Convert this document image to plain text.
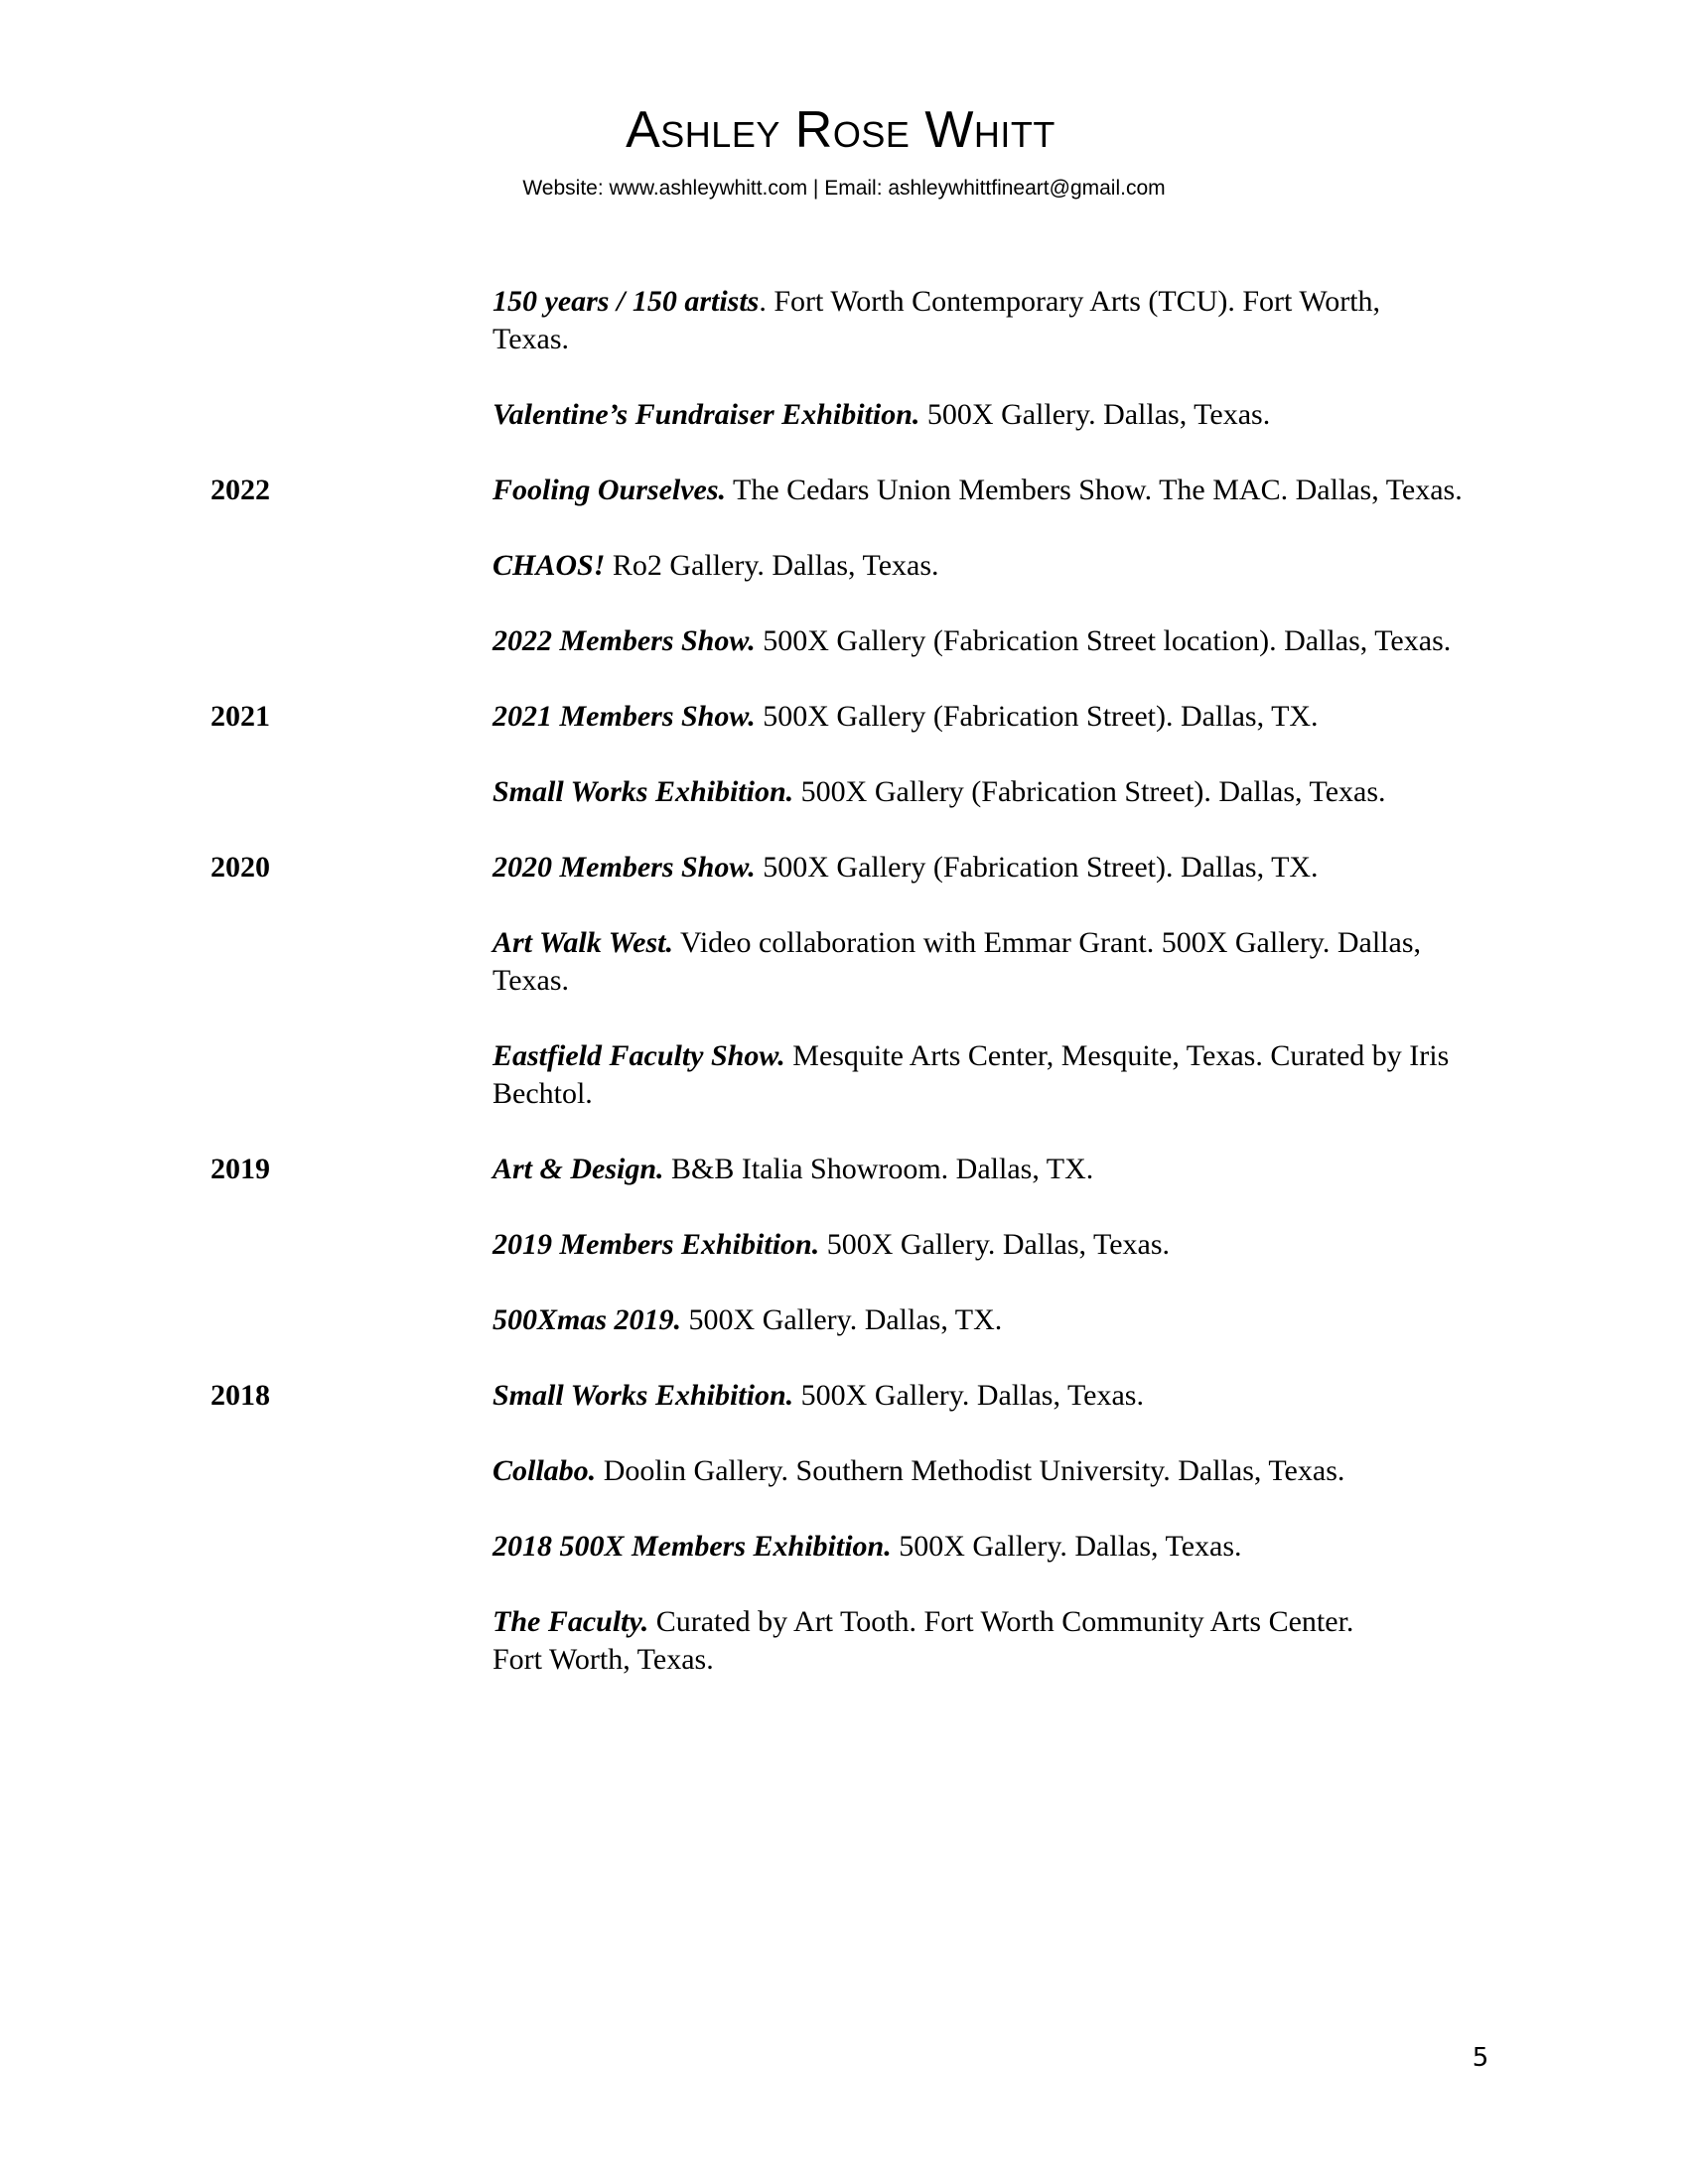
Ashley Rose Whitt
Website: www.ashleywhitt.com | Email: ashleywhittfineart@gmail.com
150 years / 150 artists. Fort Worth Contemporary Arts (TCU). Fort Worth, Texas.
Valentine’s Fundraiser Exhibition. 500X Gallery. Dallas, Texas.
2022	Fooling Ourselves. The Cedars Union Members Show. The MAC. Dallas, Texas.
CHAOS! Ro2 Gallery. Dallas, Texas.
2022 Members Show. 500X Gallery (Fabrication Street location). Dallas, Texas.
2021	2021 Members Show. 500X Gallery (Fabrication Street). Dallas, TX.
Small Works Exhibition. 500X Gallery (Fabrication Street). Dallas, Texas.
2020	2020 Members Show. 500X Gallery (Fabrication Street). Dallas, TX.
Art Walk West. Video collaboration with Emmar Grant. 500X Gallery. Dallas, Texas.
Eastfield Faculty Show. Mesquite Arts Center, Mesquite, Texas. Curated by Iris Bechtol.
2019	Art & Design. B&B Italia Showroom. Dallas, TX.
2019 Members Exhibition. 500X Gallery. Dallas, Texas.
500Xmas 2019. 500X Gallery. Dallas, TX.
2018	Small Works Exhibition. 500X Gallery. Dallas, Texas.
Collabo. Doolin Gallery. Southern Methodist University. Dallas, Texas.
2018 500X Members Exhibition. 500X Gallery. Dallas, Texas.
The Faculty. Curated by Art Tooth. Fort Worth Community Arts Center. Fort Worth, Texas.
5
